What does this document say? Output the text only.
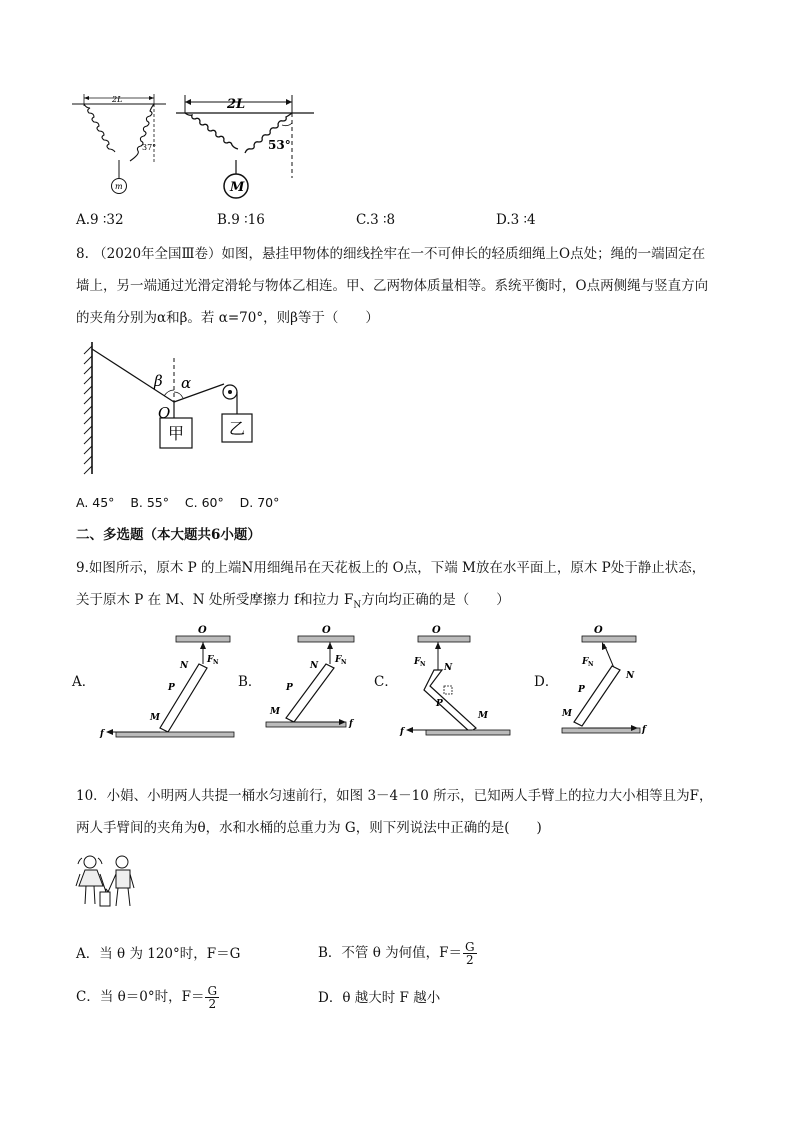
2L
37°
m
2L
53°
M
A.9 ∶32	B.9 ∶16	C.3 ∶8	D.3 ∶4
8. （2020年全国Ⅲ卷）如图，悬挂甲物体的细线拴牢在一不可伸长的轻质细绳上O点处；绳的一端固定在
墙上，另一端通过光滑定滑轮与物体乙相连。甲、乙两物体质量相等。系统平衡时，O点两侧绳与竖直方向
的夹角分别为α和β。若 α=70°，则β等于（　　）
乙
甲
β α
O
A. 45°    B. 55°    C. 60°    D. 70°
二、多选题（本大题共6小题）
9.如图所示，原木 P 的上端N用细绳吊在天花板上的 O点，下端 M放在水平面上，原木 P处于静止状态，
关于原木 P 在 M、N 处所受摩擦力 f和拉力 $F_N$方向均正确的是（　　）
A．
O
F N
N
P
M
f
B．
O
F N
N
P
M
f
C．
O
F N N
P
M
f
D．
O
F N
N
P
M
f
10．小娟、小明两人共提一桶水匀速前行，如图 3－4－10 所示，已知两人手臂上的拉力大小相等且为F，
两人手臂间的夹角为θ，水和水桶的总重力为 G，则下列说法中正确的是(　　)
A．当 θ 为 120°时，F＝G	B．不管 θ 为何值，$F= \frac{G}{2}$
C．当 θ＝0°时，$F= \frac{G}{2}$	D．θ 越大时 F 越小
